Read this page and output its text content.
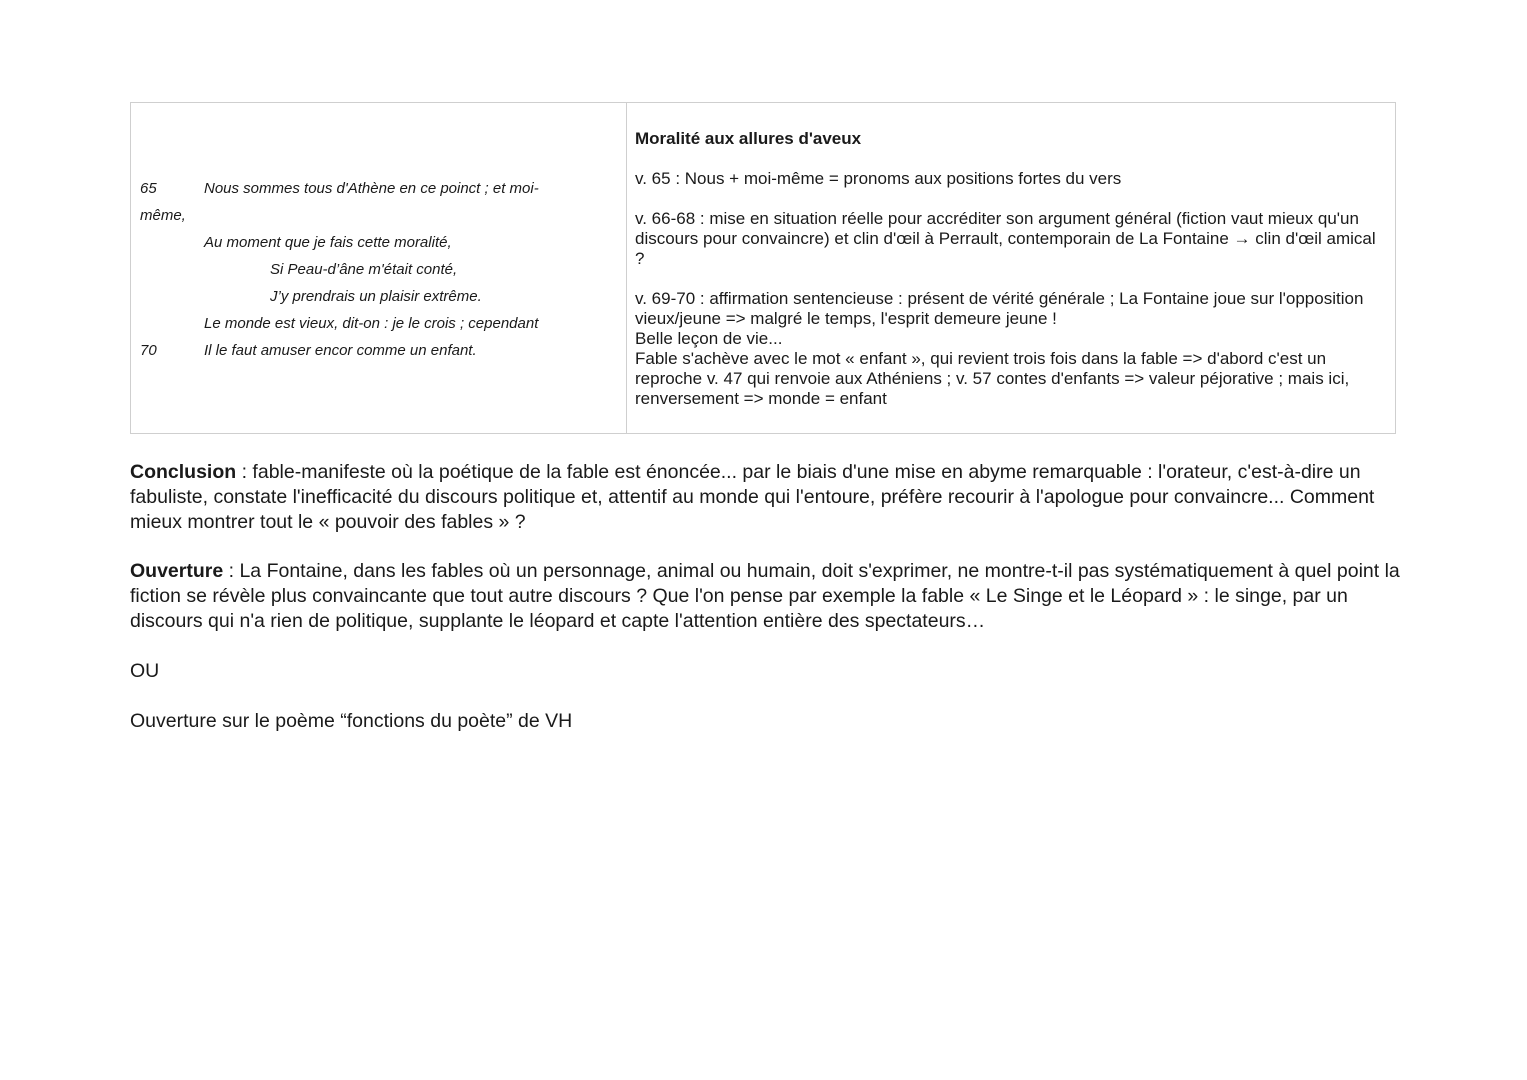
65	Nous sommes tous d'Athène en ce poinct ; et moi-
même,
Au moment que je fais cette moralité,
Si Peau-d’âne m'était conté,
J’y prendrais un plaisir extrême.
Le monde est vieux, dit-on : je le crois ; cependant
70	Il le faut amuser encor comme un enfant.
Moralité aux allures d'aveux
v. 65 : Nous + moi-même = pronoms aux positions fortes du vers
v. 66-68 : mise en situation réelle pour accréditer son argument général (fiction vaut mieux qu'un discours pour convaincre) et clin d'œil à Perrault, contemporain de La Fontaine → clin d'œil amical ?
v. 69-70 : affirmation sentencieuse : présent de vérité générale ; La Fontaine joue sur l'opposition vieux/jeune => malgré le temps, l'esprit demeure jeune !
Belle leçon de vie...
Fable s'achève avec le mot « enfant », qui revient trois fois dans la fable => d'abord c'est un reproche v. 47 qui renvoie aux Athéniens ; v. 57 contes d'enfants => valeur péjorative ; mais ici, renversement => monde = enfant
Conclusion : fable-manifeste où la poétique de la fable est énoncée... par le biais d'une mise en abyme remarquable : l'orateur, c'est-à-dire un fabuliste, constate l'inefficacité du discours politique et, attentif au monde qui l'entoure, préfère recourir à l'apologue pour convaincre... Comment mieux montrer tout le « pouvoir des fables » ?
Ouverture : La Fontaine, dans les fables où un personnage, animal ou humain, doit s'exprimer, ne montre-t-il pas systématiquement à quel point la fiction se révèle plus convaincante que tout autre discours ? Que l'on pense par exemple la fable « Le Singe et le Léopard » : le singe, par un discours qui n'a rien de politique, supplante le léopard et capte l'attention entière des spectateurs…
OU
Ouverture sur le poème “fonctions du poète” de VH
